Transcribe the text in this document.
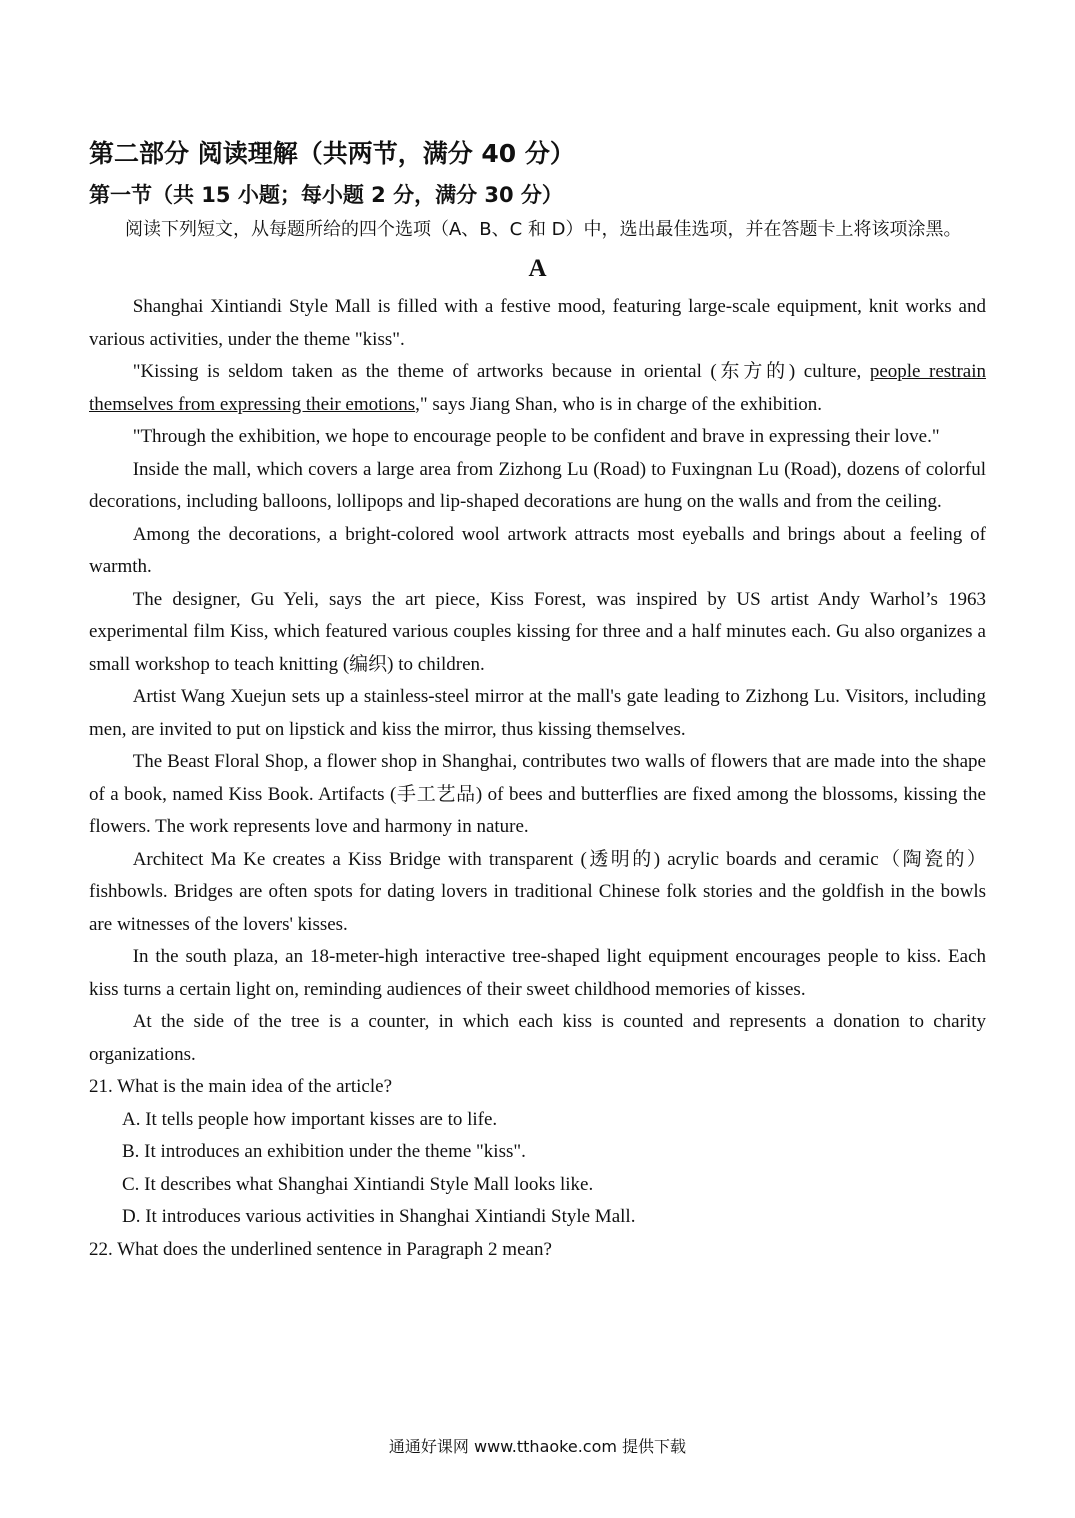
第二部分 阅读理解（共两节，满分 40 分）
第一节（共 15 小题；每小题 2 分，满分 30 分）

阅读下列短文，从每题所给的四个选项（A、B、C 和 D）中，选出最佳选项，并在答题卡上将该项涂黑。

A

Shanghai Xintiandi Style Mall is filled with a festive mood, featuring large-scale equipment, knit works and various activities, under the theme "kiss".

"Kissing is seldom taken as the theme of artworks because in oriental (东方的) culture, people restrain themselves from expressing their emotions," says Jiang Shan, who is in charge of the exhibition.

"Through the exhibition, we hope to encourage people to be confident and brave in expressing their love."

Inside the mall, which covers a large area from Zizhong Lu (Road) to Fuxingnan Lu (Road), dozens of colorful decorations, including balloons, lollipops and lip-shaped decorations are hung on the walls and from the ceiling.

Among the decorations, a bright-colored wool artwork attracts most eyeballs and brings about a feeling of warmth.

The designer, Gu Yeli, says the art piece, Kiss Forest, was inspired by US artist Andy Warhol’s 1963 experimental film Kiss, which featured various couples kissing for three and a half minutes each. Gu also organizes a small workshop to teach knitting (编织) to children.

Artist Wang Xuejun sets up a stainless-steel mirror at the mall's gate leading to Zizhong Lu. Visitors, including men, are invited to put on lipstick and kiss the mirror, thus kissing themselves.

The Beast Floral Shop, a flower shop in Shanghai, contributes two walls of flowers that are made into the shape of a book, named Kiss Book. Artifacts (手工艺品) of bees and butterflies are fixed among the blossoms, kissing the flowers. The work represents love and harmony in nature.

Architect Ma Ke creates a Kiss Bridge with transparent (透明的) acrylic boards and ceramic（陶瓷的）fishbowls. Bridges are often spots for dating lovers in traditional Chinese folk stories and the goldfish in the bowls are witnesses of the lovers' kisses.

In the south plaza, an 18-meter-high interactive tree-shaped light equipment encourages people to kiss. Each kiss turns a certain light on, reminding audiences of their sweet childhood memories of kisses.

At the side of the tree is a counter, in which each kiss is counted and represents a donation to charity organizations.

21. What is the main idea of the article?

A. It tells people how important kisses are to life.

B. It introduces an exhibition under the theme "kiss".

C. It describes what Shanghai Xintiandi Style Mall looks like.

D. It introduces various activities in Shanghai Xintiandi Style Mall.

22. What does the underlined sentence in Paragraph 2 mean?

通通好课网 www.tthaoke.com 提供下载
